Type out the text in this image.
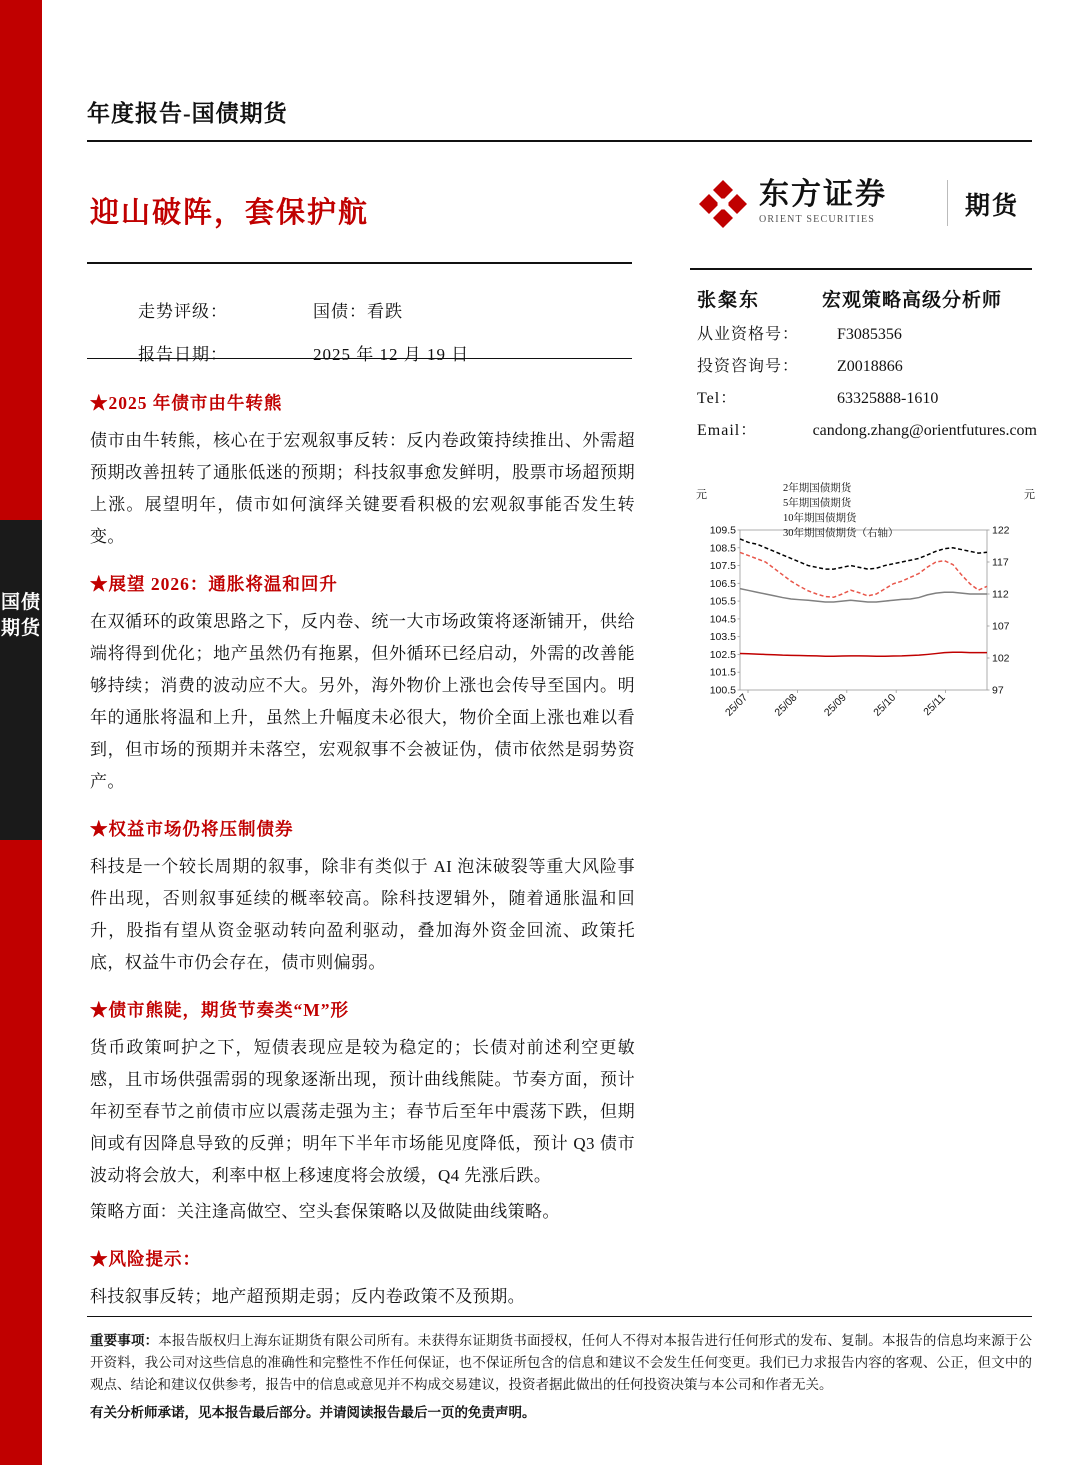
国债期货
年度报告-国债期货
迎山破阵，套保护航
东方证券
ORIENT SECURITIES	期货
走势评级：	国债：看跌
报告日期：	2025 年 12 月 19 日
张粲东	宏观策略高级分析师
从业资格号：	F3085356
投资咨询号：	Z0018866
Tel：	63325888-1610
Email：	candong.zhang@orientfutures.com
★2025 年债市由牛转熊

债市由牛转熊，核心在于宏观叙事反转：反内卷政策持续推出、外需超预期改善扭转了通胀低迷的预期；科技叙事愈发鲜明，股票市场超预期上涨。展望明年，债市如何演绎关键要看积极的宏观叙事能否发生转变。

★展望 2026：通胀将温和回升

在双循环的政策思路之下，反内卷、统一大市场政策将逐渐铺开，供给端将得到优化；地产虽然仍有拖累，但外循环已经启动，外需的改善能够持续；消费的波动应不大。另外，海外物价上涨也会传导至国内。明年的通胀将温和上升，虽然上升幅度未必很大，物价全面上涨也难以看到，但市场的预期并未落空，宏观叙事不会被证伪，债市依然是弱势资产。

★权益市场仍将压制债券

科技是一个较长周期的叙事，除非有类似于 AI 泡沫破裂等重大风险事件出现，否则叙事延续的概率较高。除科技逻辑外，随着通胀温和回升，股指有望从资金驱动转向盈利驱动，叠加海外资金回流、政策托底，权益牛市仍会存在，债市则偏弱。

★债市熊陡，期货节奏类“M”形

货币政策呵护之下，短债表现应是较为稳定的；长债对前述利空更敏感，且市场供强需弱的现象逐渐出现，预计曲线熊陡。节奏方面，预计年初至春节之前债市应以震荡走强为主；春节后至年中震荡下跌，但期间或有因降息导致的反弹；明年下半年市场能见度降低，预计 Q3 债市波动将会放大，利率中枢上移速度将会放缓，Q4 先涨后跌。

策略方面：关注逢高做空、空头套保策略以及做陡曲线策略。

★风险提示：

科技叙事反转；地产超预期走弱；反内卷政策不及预期。

元	元
2年期国债期货
5年期国债期货
10年期国债期货
30年期国债期货（右轴）
109.5
108.5
107.5
106.5
105.5
104.5
103.5
102.5
101.5
100.5
122
117
112
107
102
97
25/07 25/08 25/09 25/10 25/11
重要事项：本报告版权归上海东证期货有限公司所有。未获得东证期货书面授权，任何人不得对本报告进行任何形式的发布、复制。本报告的信息均来源于公开资料，我公司对这些信息的准确性和完整性不作任何保证，也不保证所包含的信息和建议不会发生任何变更。我们已力求报告内容的客观、公正，但文中的观点、结论和建议仅供参考，报告中的信息或意见并不构成交易建议，投资者据此做出的任何投资决策与本公司和作者无关。
有关分析师承诺，见本报告最后部分。并请阅读报告最后一页的免责声明。
